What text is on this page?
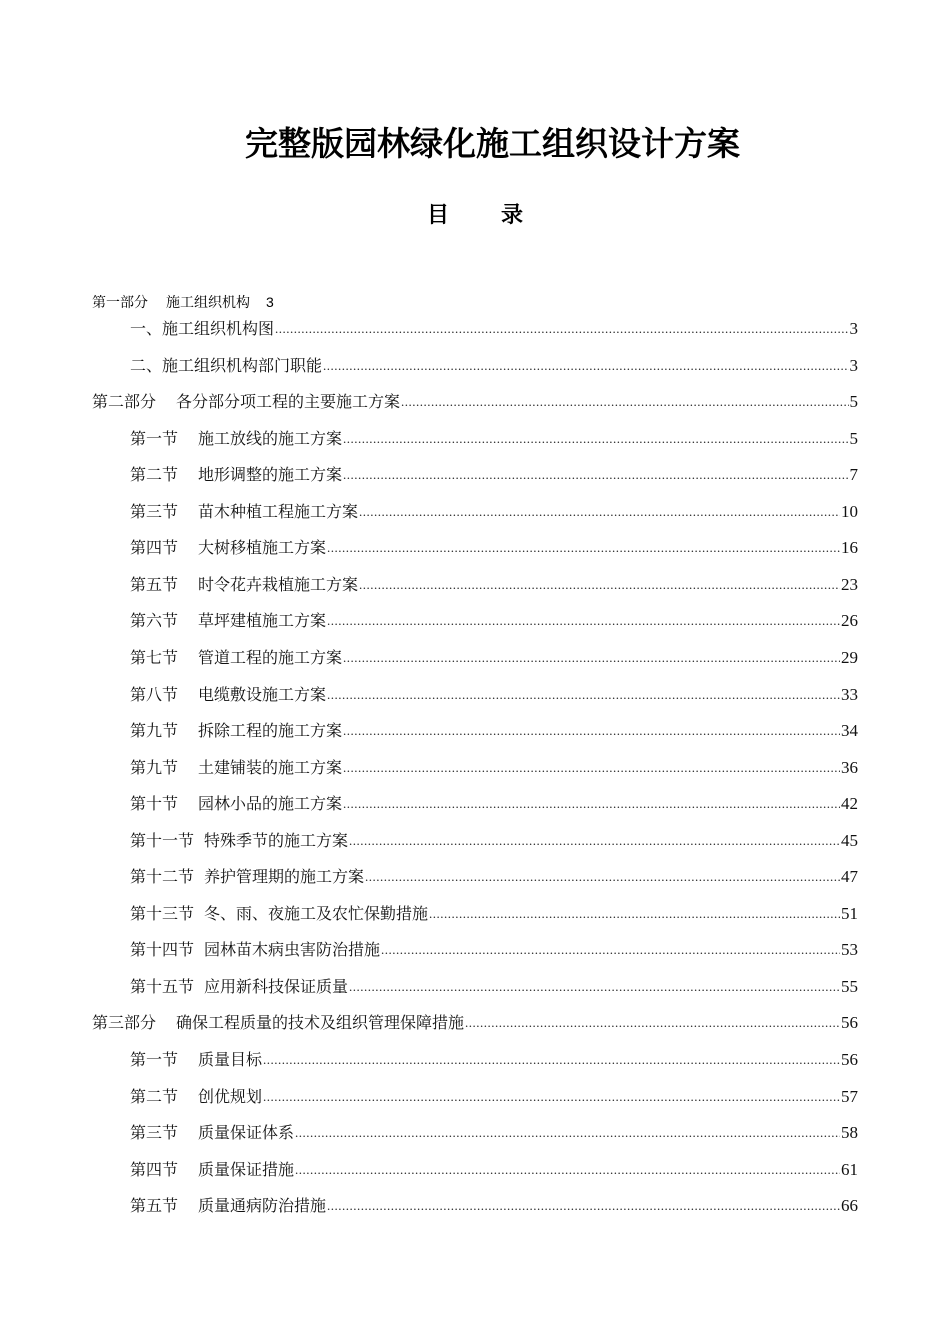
完整版园林绿化施工组织设计方案
目 录
第一部分 施工组织机构 3
一、 施工组织机构图 .....	3
二、 施工组织机构部门职能 .....	3
第二部分 各分部分项工程的主要施工方案 .....	5
第一节 施工放线的施工方案 .....	5
第二节 地形调整的施工方案 .....	7
第三节 苗木种植工程施工方案 .....	10
第四节 大树移植施工方案 .....	16
第五节 时令花卉栽植施工方案 .....	23
第六节 草坪建植施工方案 .....	26
第七节 管道工程的施工方案 .....	29
第八节 电缆敷设施工方案 .....	33
第九节 拆除工程的施工方案 .....	34
第九节 土建铺装的施工方案 .....	36
第十节 园林小品的施工方案 .....	42
第十一节 特殊季节的施工方案 .....	45
第十二节 养护管理期的施工方案 .....	47
第十三节 冬、雨、夜施工及农忙保勤措施 .....	51
第十四节 园林苗木病虫害防治措施 .....	53
第十五节 应用新科技保证质量 .....	55
第三部分 确保工程质量的技术及组织管理保障措施 .....	56
第一节 质量目标 .....	56
第二节 创优规划 .....	57
第三节 质量保证体系 .....	58
第四节 质量保证措施 .....	61
第五节 质量通病防治措施 .....	66
